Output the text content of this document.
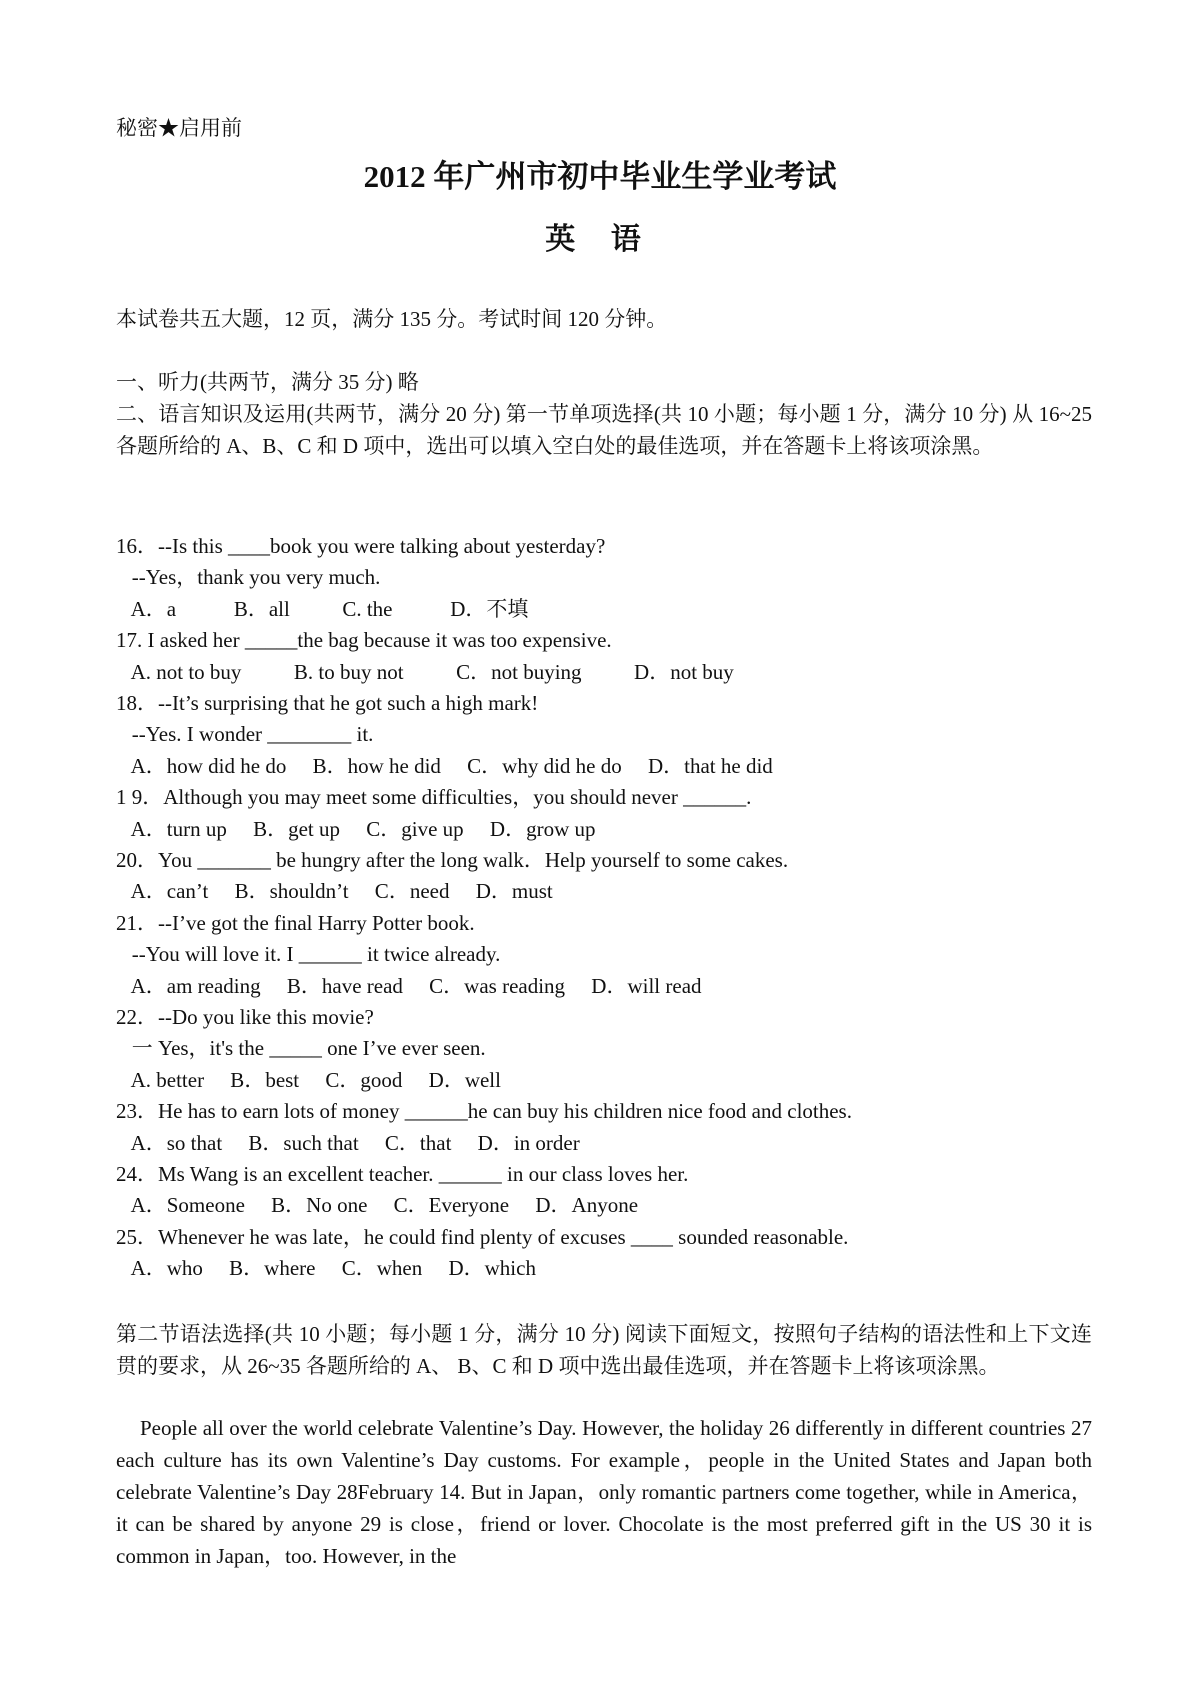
秘密★启用前
2012 年广州市初中毕业生学业考试
英 语
本试卷共五大题，12 页，满分 135 分。考试时间 120 分钟。
一、听力(共两节，满分 35 分) 略
二、语言知识及运用(共两节，满分 20 分) 第一节单项选择(共 10 小题；每小题 1 分，满分 10 分) 从 16~25 各题所给的 A、B、C 和 D 项中，选出可以填入空白处的最佳选项，并在答题卡上将该项涂黑。
16．--Is this ____book you were talking about yesterday?
--Yes，thank you very much.
A．a           B．all          C. the           D．不填
17. I asked her _____the bag because it was too expensive.
A. not to buy          B. to buy not          C．not buying          D．not buy
18．--It’s surprising that he got such a high mark!
--Yes. I wonder ________ it.
A．how did he do     B．how he did     C．why did he do     D．that he did
1 9．Although you may meet some difficulties，you should never ______.
A．turn up     B．get up     C．give up     D．grow up
20．You _______ be hungry after the long walk．Help yourself to some cakes.
A．can’t     B．shouldn’t     C．need     D．must
21．--I’ve got the final Harry Potter book.
--You will love it. I ______ it twice already.
A．am reading     B．have read     C．was reading     D．will read
22．--Do you like this movie?
一 Yes，it's the _____ one I’ve ever seen.
A. better     B．best     C．good     D．well
23．He has to earn lots of money ______he can buy his children nice food and clothes.
A．so that     B．such that     C．that     D．in order
24．Ms Wang is an excellent teacher. ______ in our class loves her.
A．Someone     B．No one     C．Everyone     D．Anyone
25．Whenever he was late，he could find plenty of excuses ____ sounded reasonable.
A．who     B．where     C．when     D．which
第二节语法选择(共 10 小题；每小题 1 分，满分 10 分) 阅读下面短文，按照句子结构的语法性和上下文连贯的要求，从 26~35 各题所给的 A、 B、C 和 D 项中选出最佳选项，并在答题卡上将该项涂黑。
People all over the world celebrate Valentine’s Day. However, the holiday 26 differently in different countries 27 each culture has its own Valentine’s Day customs. For example，people in the United States and Japan both celebrate Valentine’s Day 28February 14. But in Japan，only romantic partners come together, while in America，it can be shared by anyone 29 is close，friend or lover. Chocolate is the most preferred gift in the US 30 it is common in Japan，too. However, in the
